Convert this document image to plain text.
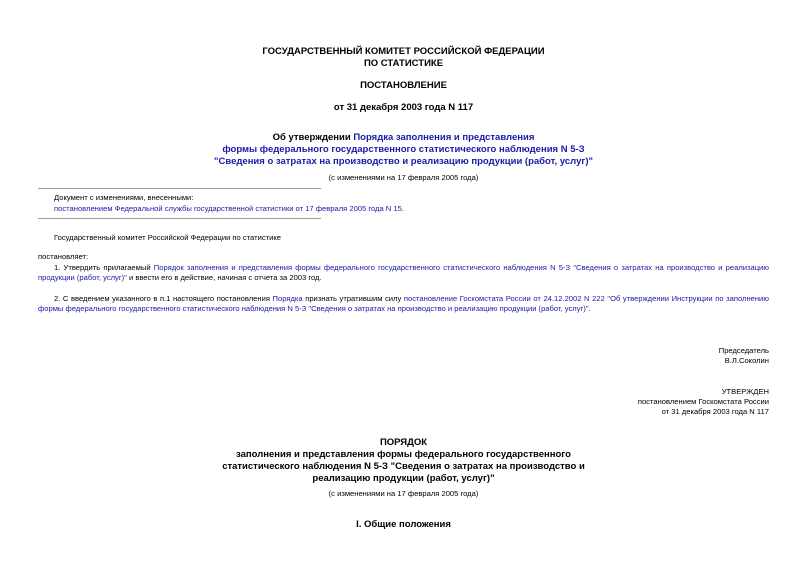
ГОСУДАРСТВЕННЫЙ КОМИТЕТ РОССИЙСКОЙ ФЕДЕРАЦИИ
ПО СТАТИСТИКЕ
ПОСТАНОВЛЕНИЕ
от 31 декабря 2003 года N 117
Об утверждении Порядка заполнения и представления
формы федерального государственного статистического наблюдения N 5-З
"Сведения о затратах на производство и реализацию продукции (работ, услуг)"
(с изменениями на 17 февраля 2005 года)
Документ с изменениями, внесенными:
постановлением Федеральной службы государственной статистики от 17 февраля 2005 года N 15.
Государственный комитет Российской Федерации по статистике
постановляет:
1. Утвердить прилагаемый Порядок заполнения и представления формы федерального государственного статистического наблюдения N 5-З "Сведения о затратах на производство и реализацию продукции (работ, услуг)" и ввести его в действие, начиная с отчета за 2003 год.
2. С введением указанного в п.1 настоящего постановления Порядка признать утратившим силу постановление Госкомстата России от 24.12.2002 N 222 "Об утверждении Инструкции по заполнению формы федерального государственного статистического наблюдения N 5-З "Сведения о затратах на производство и реализацию продукции (работ, услуг)".
Председатель
В.Л.Соколин
УТВЕРЖДЕН
постановлением Госкомстата России
от 31 декабря 2003 года N 117
ПОРЯДОК
заполнения и представления формы федерального государственного
статистического наблюдения N 5-З "Сведения о затратах на производство и
реализацию продукции (работ, услуг)"
(с изменениями на 17 февраля 2005 года)
I. Общие положения
